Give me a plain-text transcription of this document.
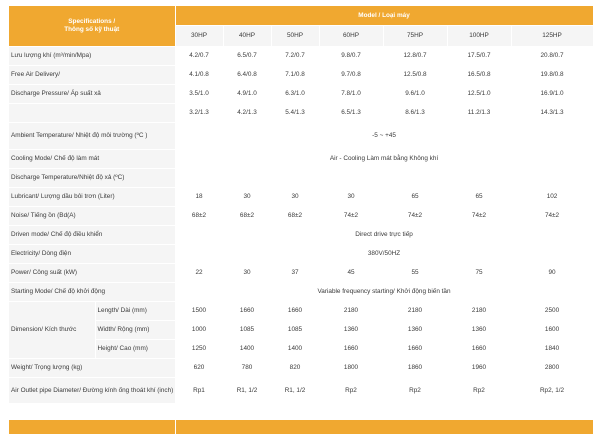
Specifications /
Thông số kỹ thuật		Model / Loại máy						
		30HP	40HP	50HP	60HP	75HP	100HP	125HP
Lưu lượng khí (m³/min/Mpa)		4.2/0.7	6.5/0.7	7.2/0.7	9.8/0.7	12.8/0.7	17.5/0.7	20.8/0.7
Free Air Delivery/		4.1/0.8	6.4/0.8	7.1/0.8	9.7/0.8	12.5/0.8	16.5/0.8	19.8/0.8
Discharge Pressure/ Áp suất xả		3.5/1.0	4.9/1.0	6.3/1.0	7.8/1.0	9.6/1.0	12.5/1.0	16.9/1.0
		3.2/1.3	4.2/1.3	5.4/1.3	6.5/1.3	8.6/1.3	11.2/1.3	14.3/1.3
Ambient Temperature/ Nhiệt độ môi trường (ºC )		-5 ~ +45						
Cooling Mode/ Chế độ làm mát		Air - Cooling Làm mát bằng Không khí						
Discharge Temperature/Nhiệt độ xả (ºC)								
Lubricant/ Lượng dầu bôi trơn (Liter)		18	30	30	30	65	65	102
Noise/ Tiếng ồn (Bd(A)		68±2	68±2	68±2	74±2	74±2	74±2	74±2
Driven mode/ Chế độ điều khiển		Direct drive trực tiếp						
Electricity/ Dòng điện		380V/50HZ						
Power/ Công suất (kW)		22	30	37	45	55	75	90
Starting Mode/ Chế độ khởi động		Variable frequency starting/ Khởi động biến tần						
Dimension/ Kích thước	Length/ Dài (mm)	1500	1660	1660	2180	2180	2180	2500
	Width/ Rộng (mm)	1000	1085	1085	1360	1360	1360	1600
	Height/ Cao (mm)	1250	1400	1400	1660	1660	1660	1840
Weight/ Trọng lượng (kg)		620	780	820	1800	1860	1960	2800
Air Outlet pipe Diameter/ Đường kính ống thoát khí (inch)		Rp1	R1, 1/2	R1, 1/2	Rp2	Rp2	Rp2	Rp2, 1/2
